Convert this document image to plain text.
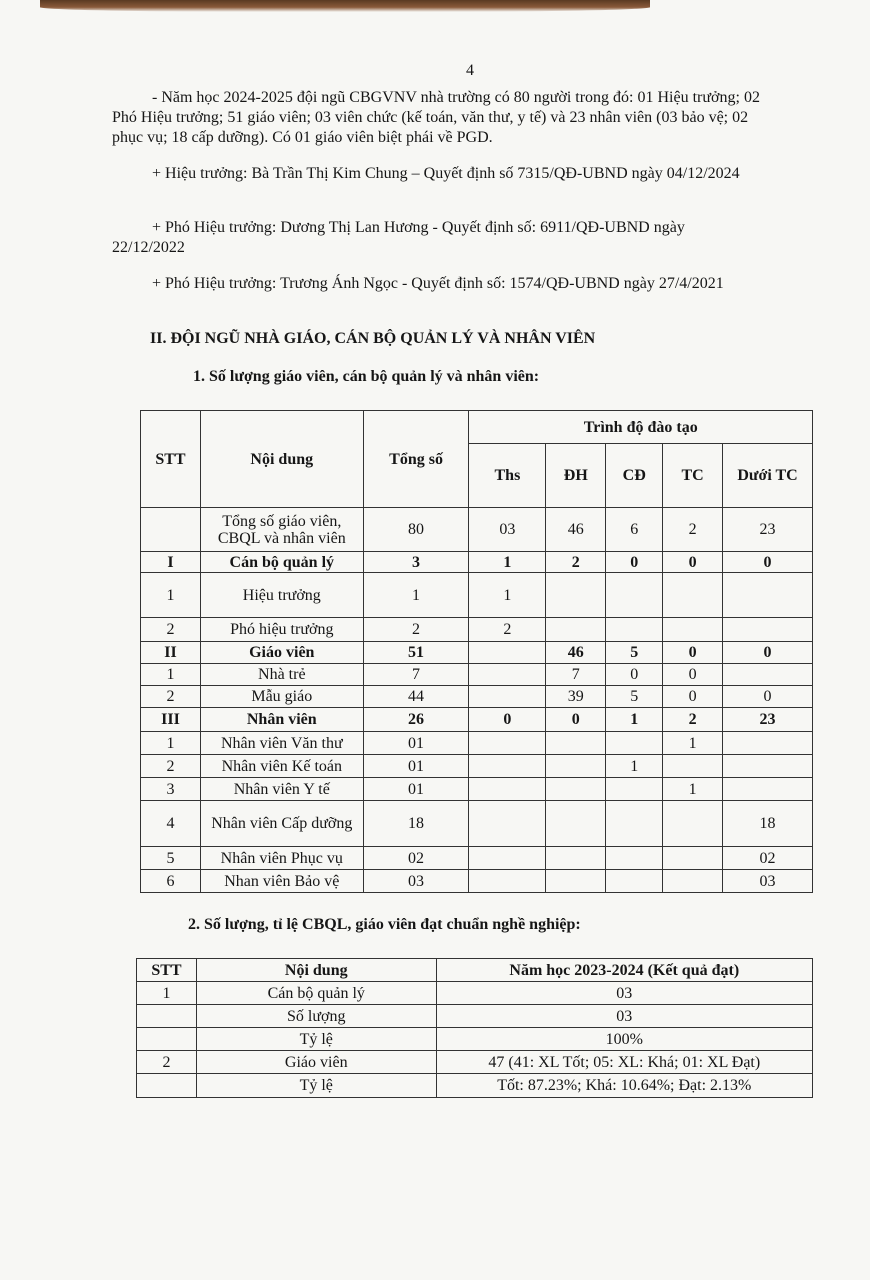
4

- Năm học 2024-2025 đội ngũ CBGVNV nhà trường có 80 người trong đó: 01 Hiệu trưởng; 02 Phó Hiệu trưởng; 51 giáo viên; 03 viên chức (kế toán, văn thư, y tế) và 23 nhân viên (03 bảo vệ; 02 phục vụ; 18 cấp dưỡng). Có 01 giáo viên biệt phái về PGD.

+ Hiệu trưởng: Bà Trần Thị Kim Chung – Quyết định số 7315/QĐ-UBND ngày 04/12/2024

+ Phó Hiệu trưởng: Dương Thị Lan Hương - Quyết định số: 6911/QĐ-UBND ngày 22/12/2022

+ Phó Hiệu trưởng: Trương Ánh Ngọc - Quyết định số: 1574/QĐ-UBND ngày 27/4/2021

II. ĐỘI NGŨ NHÀ GIÁO, CÁN BỘ QUẢN LÝ VÀ NHÂN VIÊN
1. Số lượng giáo viên, cán bộ quản lý và nhân viên:
STT	Nội dung	Tổng số	Trình độ đào tạo				
			Ths	ĐH	CĐ	TC	Dưới TC
	Tổng số giáo viên, CBQL và nhân viên	80	03	46	6	2	23
I	Cán bộ quản lý	3	1	2	0	0	0
1	Hiệu trưởng	1	1				
2	Phó hiệu trưởng	2	2				
II	Giáo viên	51		46	5	0	0
1	Nhà trẻ	7		7	0	0	
2	Mẫu giáo	44		39	5	0	0
III	Nhân viên	26	0	0	1	2	23
1	Nhân viên Văn thư	01				1	
2	Nhân viên Kế toán	01			1		
3	Nhân viên Y tế	01				1	
4	Nhân viên Cấp dưỡng	18					18
5	Nhân viên Phục vụ	02					02
6	Nhan viên Bảo vệ	03					03
2. Số lượng, tỉ lệ CBQL, giáo viên đạt chuẩn nghề nghiệp:
STT	Nội dung	Năm học 2023-2024 (Kết quả đạt)
1	Cán bộ quản lý	03
	Số lượng	03
	Tỷ lệ	100%
2	Giáo viên	47 (41: XL Tốt; 05: XL: Khá; 01: XL Đạt)
	Tỷ lệ	Tốt: 87.23%; Khá: 10.64%; Đạt: 2.13%
